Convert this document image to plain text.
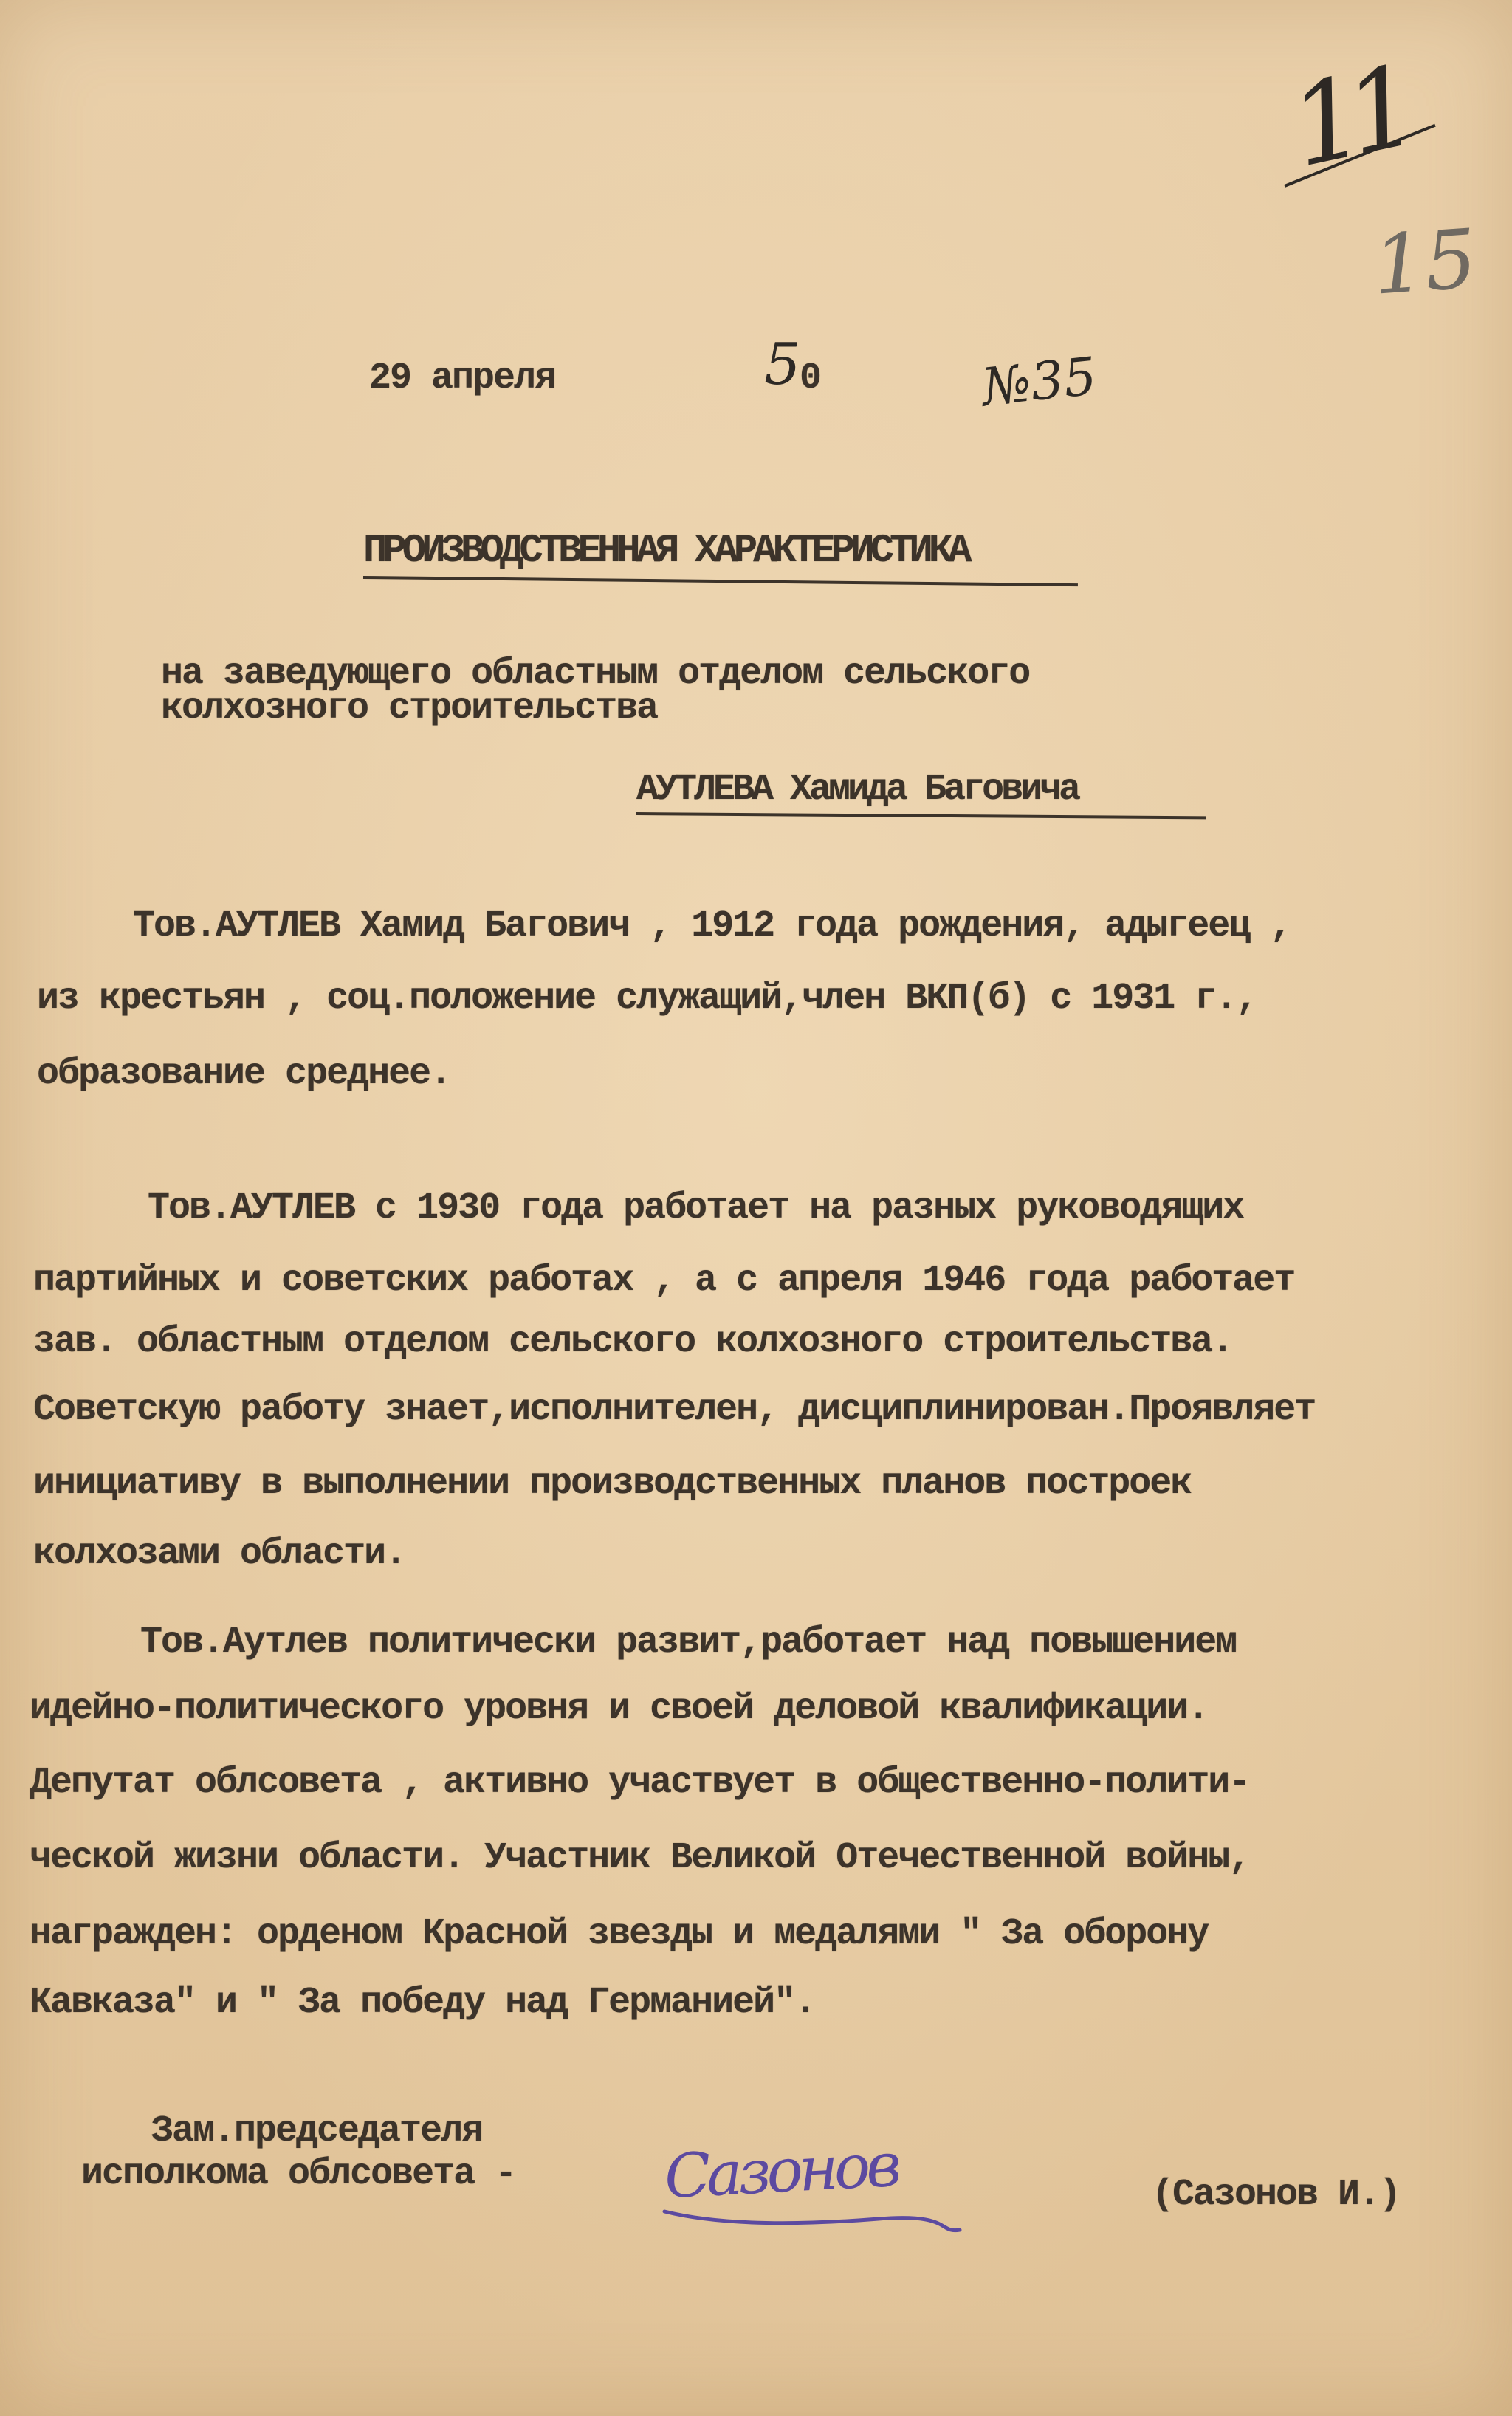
11
15
29 апреля	5
0	№35
ПРОИЗВОДСТВЕННАЯ ХАРАКТЕРИСТИКА
на заведующего областным отделом сельского
колхозного строительства
АУТЛЕВА Хамида Баговича
Тов.АУТЛЕВ Хамид Багович , 1912 года рождения, адыгеец ,
из крестьян , соц.положение служащий,член ВКП(б) с 1931 г.,
образование среднее.
Тов.АУТЛЕВ с 1930 года работает на разных руководящих
партийных и советских работах , а с апреля 1946 года работает
зав. областным отделом сельского колхозного строительства.
Советскую работу знает,исполнителен, дисциплинирован.Проявляет
инициативу в выполнении производственных планов построек
колхозами области.
Тов.Аутлев политически развит,работает над повышением
идейно-политического уровня и своей деловой квалификации.
Депутат облсовета , активно участвует в общественно-полити-
ческой жизни области. Участник Великой Отечественной войны,
награжден: орденом Красной звезды и медалями " За оборону
Кавказа" и " За победу над Германией".
Зам.председателя
исполкома облсовета - Сазонов	(Сазонов И.)
